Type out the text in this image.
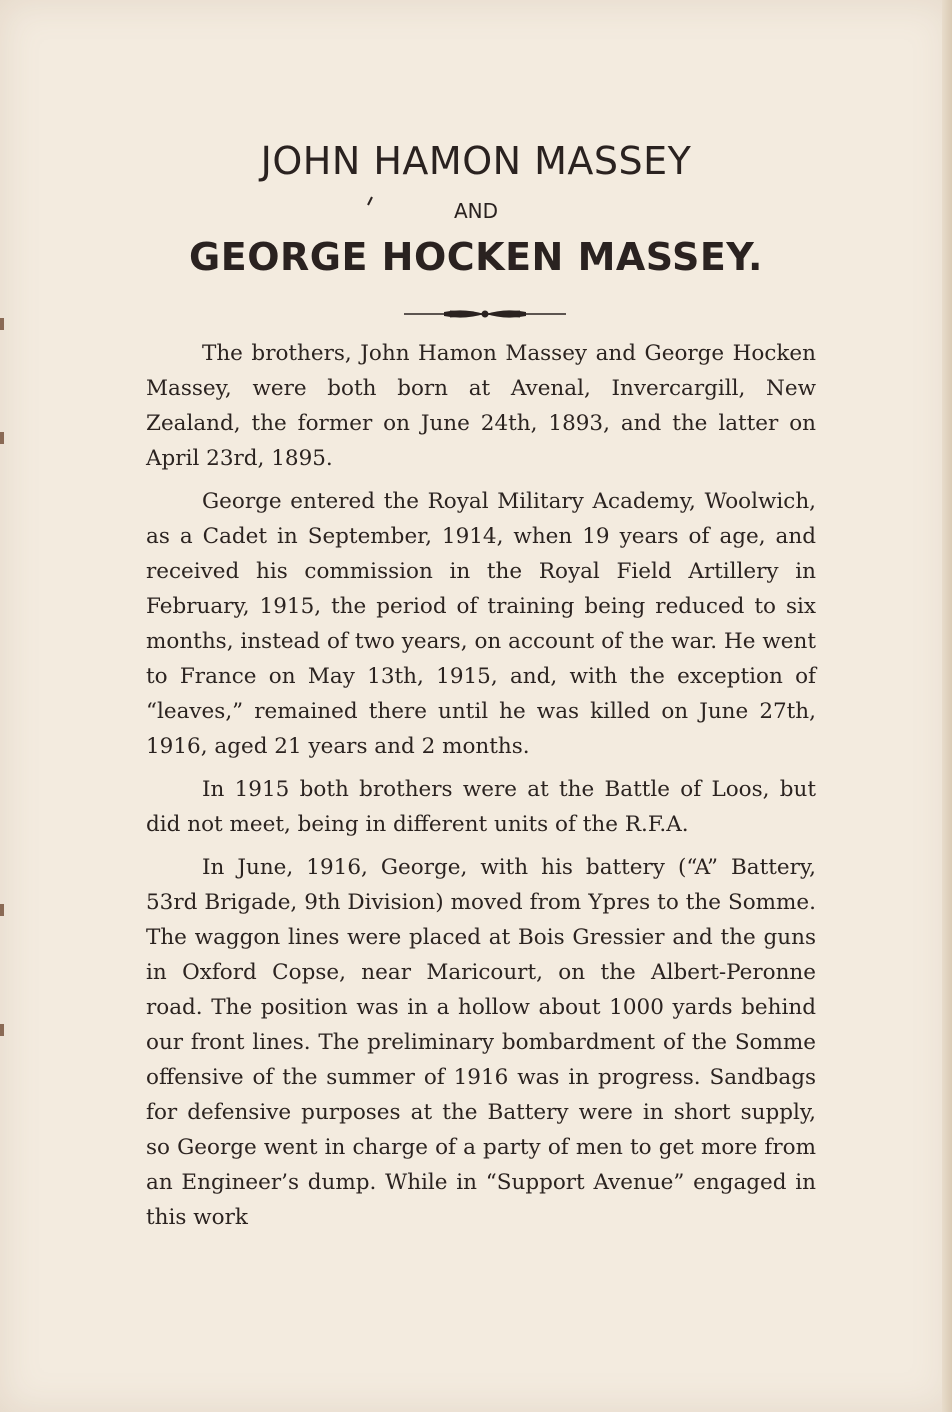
JOHN HAMON MASSEY
AND
GEORGE HOCKEN MASSEY.

The brothers, John Hamon Massey and George Hocken Massey, were both born at Avenal, Invercargill, New Zealand, the former on June 24th, 1893, and the latter on April 23rd, 1895.

George entered the Royal Military Academy, Woolwich, as a Cadet in September, 1914, when 19 years of age, and received his commission in the Royal Field Artillery in February, 1915, the period of training being reduced to six months, instead of two years, on account of the war. He went to France on May 13th, 1915, and, with the exception of “leaves,” remained there until he was killed on June 27th, 1916, aged 21 years and 2 months.

In 1915 both brothers were at the Battle of Loos, but did not meet, being in different units of the R.F.A.

In June, 1916, George, with his battery (“A” Battery, 53rd Brigade, 9th Division) moved from Ypres to the Somme. The waggon lines were placed at Bois Gressier and the guns in Oxford Copse, near Maricourt, on the Albert-Peronne road. The position was in a hollow about 1000 yards behind our front lines. The preliminary bombardment of the Somme offensive of the summer of 1916 was in progress. Sandbags for defensive purposes at the Battery were in short supply, so George went in charge of a party of men to get more from an Engineer’s dump. While in “Support Avenue” engaged in this work
